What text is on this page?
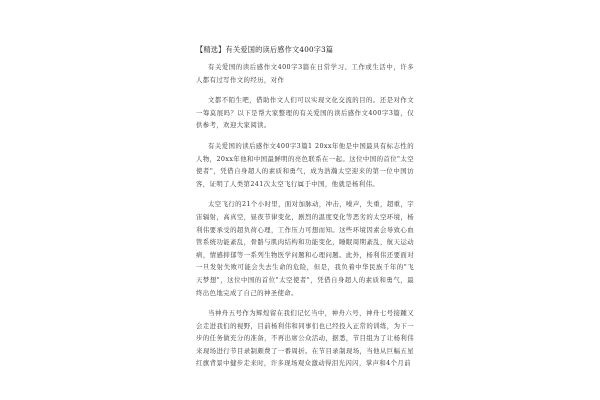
【精选】有关爱国的读后感作文400字3篇

有关爱国的读后感作文400字3篇在日常学习、工作或生活中，许多人都有过写作文的经历，对作

文都不陌生吧，借助作文人们可以实现文化交流的目的。还是对作文一筹莫展吗？以下是帮大家整理的有关爱国的读后感作文400字3篇，仅供参考，欢迎大家阅读。

有关爱国的读后感作文400字3篇1 20xx年他是中国最具有标志性的人物，20xx年他和中国最鲜明的亮色联系在一起。这位中国的首位"太空使者"，凭借自身超人的素质和勇气，成为浩瀚太空迎来的第一位中国访客，证明了人类第241次太空飞行属于中国，他就是杨利伟。

太空飞行的21个小时里，面对加脉动，冲击，噪声，失重，超重，宇宙辐射，高真空，昼夜节律变化，剧烈的温度变化等恶劣的太空环境，杨利伟要承受的超负荷心理，工作压力可想而知。这些环境因素会导致心血管系统功能紊乱，骨骼与肌肉结构和功能变化，睡眠周期紊乱，航天运动病，情感抑郁等一系列生物医学问题和心理问题。此外，杨利伟还要面对一旦发射失败可能会失去生命的危险，但是，我负着中华民族千年的"飞天梦想"，这位中国的首位"太空使者"，凭借自身超人的素质和勇气，最终出色地完成了自己的神圣使命。

当神舟五号作为辉煌留在我们记忆当中，神舟六号，神舟七号接踵又会走进我们的视野，目前杨利伟和同事们也已经投入正常的训练，为下一步的任务做充分的准备，不再出席公众活动，据悉，节目组为了让杨利伟来现场进行节目录制颇费了一番周折。在节目录制现场，当他从巨幅五星红旗背景中健步走来时，许多现场观众激动得泪光闪闪，掌声和4个月前
